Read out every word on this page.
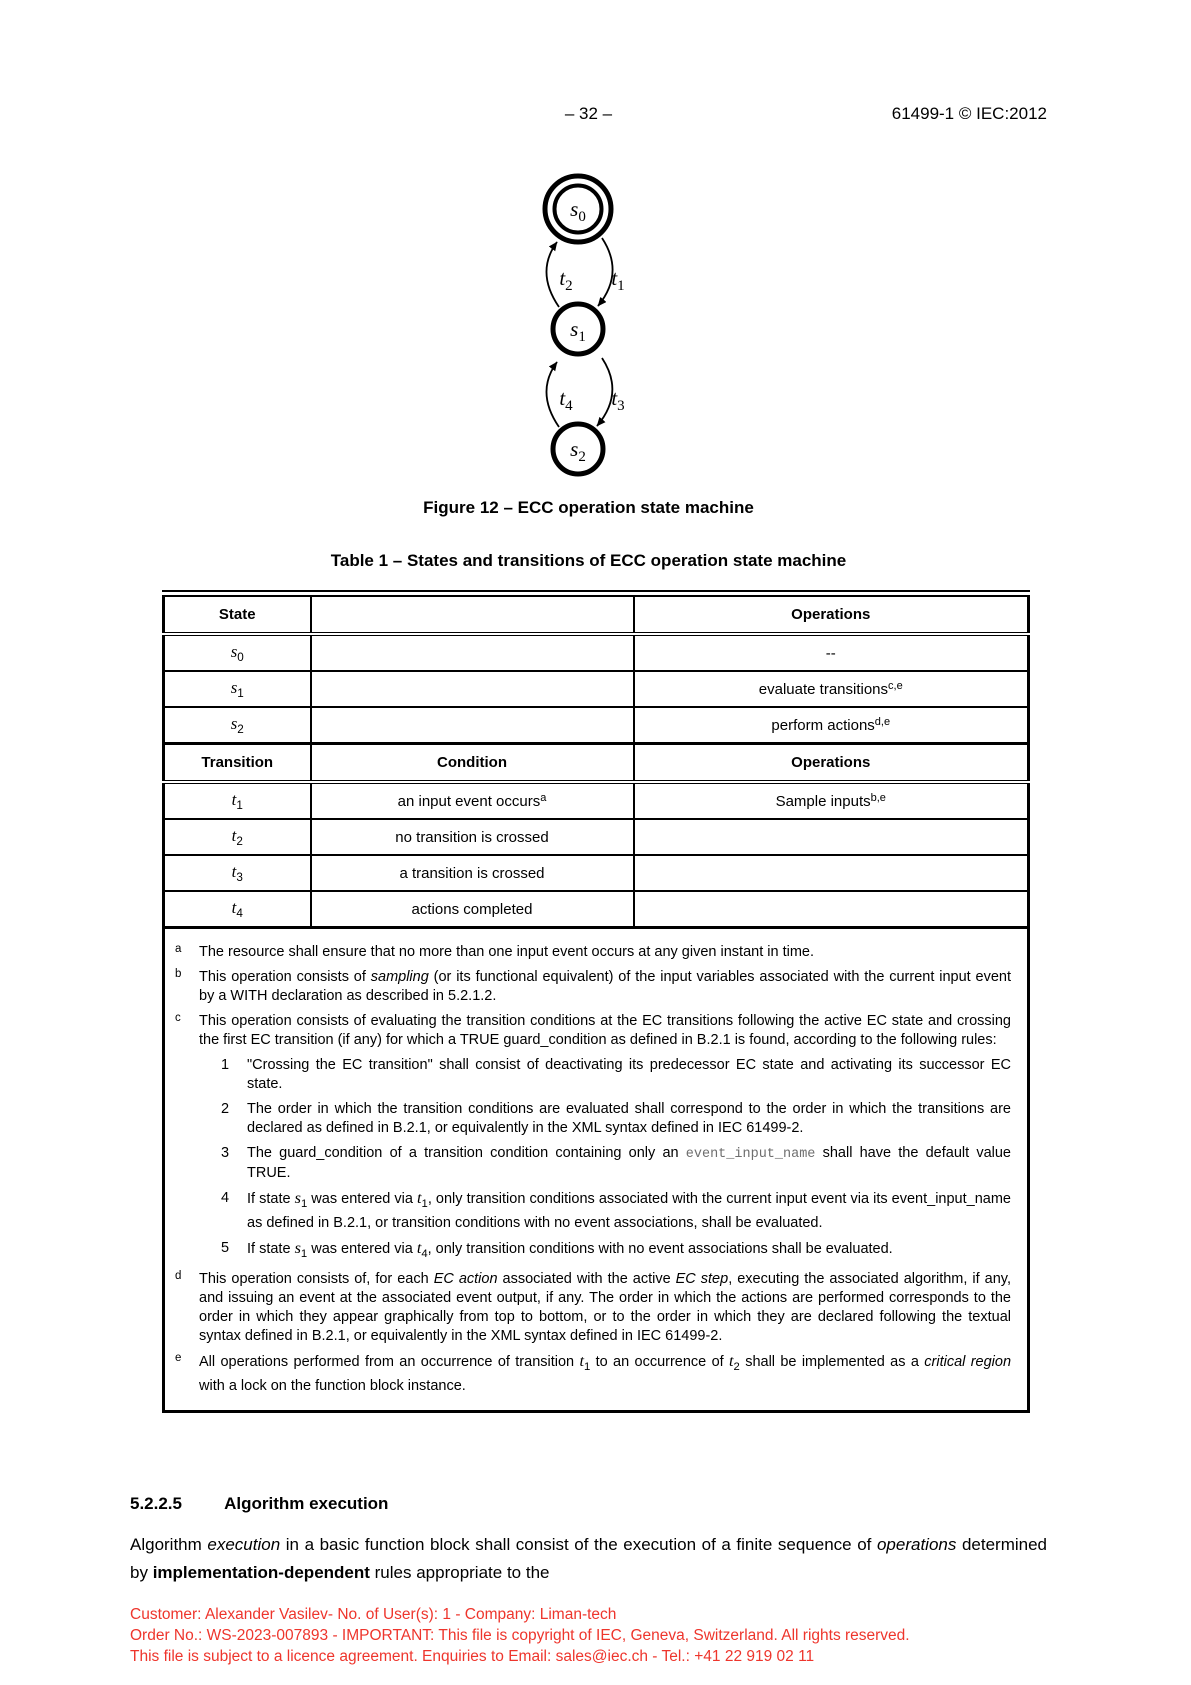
– 32 –	61499-1 © IEC:2012
$s_0$
$s_1$
$s_2$
$t_2$ $t_1$
$t_4$ $t_3$
Figure 12 – ECC operation state machine
Table 1 – States and transitions of ECC operation state machine
State		Operations
$s_0$		--
$s_1$		evaluate transitions$^{c,e}$
$s_2$		perform actions$^{d,e}$
Transition	Condition	Operations
$t_1$	an input event occurs$^a$	Sample inputs$^{b,e}$
$t_2$	no transition is crossed	
$t_3$	a transition is crossed	
$t_4$	actions completed	

a	The resource shall ensure that no more than one input event occurs at any given instant in time.
b	This operation consists of sampling (or its functional equivalent) of the input variables associated with the current input event by a WITH declaration as described in 5.2.1.2.
c	This operation consists of evaluating the transition conditions at the EC transitions following the active EC state and crossing the first EC transition (if any) for which a TRUE guard_condition as defined in B.2.1 is found, according to the following rules:
1	"Crossing the EC transition" shall consist of deactivating its predecessor EC state and activating its successor EC state.
2	The order in which the transition conditions are evaluated shall correspond to the order in which the transitions are declared as defined in B.2.1, or equivalently in the XML syntax defined in IEC 61499-2.
3	The guard_condition of a transition condition containing only an event_input_name shall have the default value TRUE.
4	If state $s_1$ was entered via $t_1$, only transition conditions associated with the current input event via its event_input_name as defined in B.2.1, or transition conditions with no event associations, shall be evaluated.
5	If state $s_1$ was entered via $t_4$, only transition conditions with no event associations shall be evaluated.
d	This operation consists of, for each EC action associated with the active EC step, executing the associated algorithm, if any, and issuing an event at the associated event output, if any. The order in which the actions are performed corresponds to the order in which they appear graphically from top to bottom, or to the order in which they are declared following the textual syntax defined in B.2.1, or equivalently in the XML syntax defined in IEC 61499-2.
e	All operations performed from an occurrence of transition $t_1$ to an occurrence of $t_2$ shall be implemented as a critical region with a lock on the function block instance.
5.2.2.5 Algorithm execution
Algorithm execution in a basic function block shall consist of the execution of a finite sequence of operations determined by implementation-dependent rules appropriate to the
Customer: Alexander Vasilev- No. of User(s): 1 - Company: Liman-tech
Order No.: WS-2023-007893 - IMPORTANT: This file is copyright of IEC, Geneva, Switzerland. All rights reserved.
This file is subject to a licence agreement. Enquiries to Email: sales@iec.ch - Tel.: +41 22 919 02 11
